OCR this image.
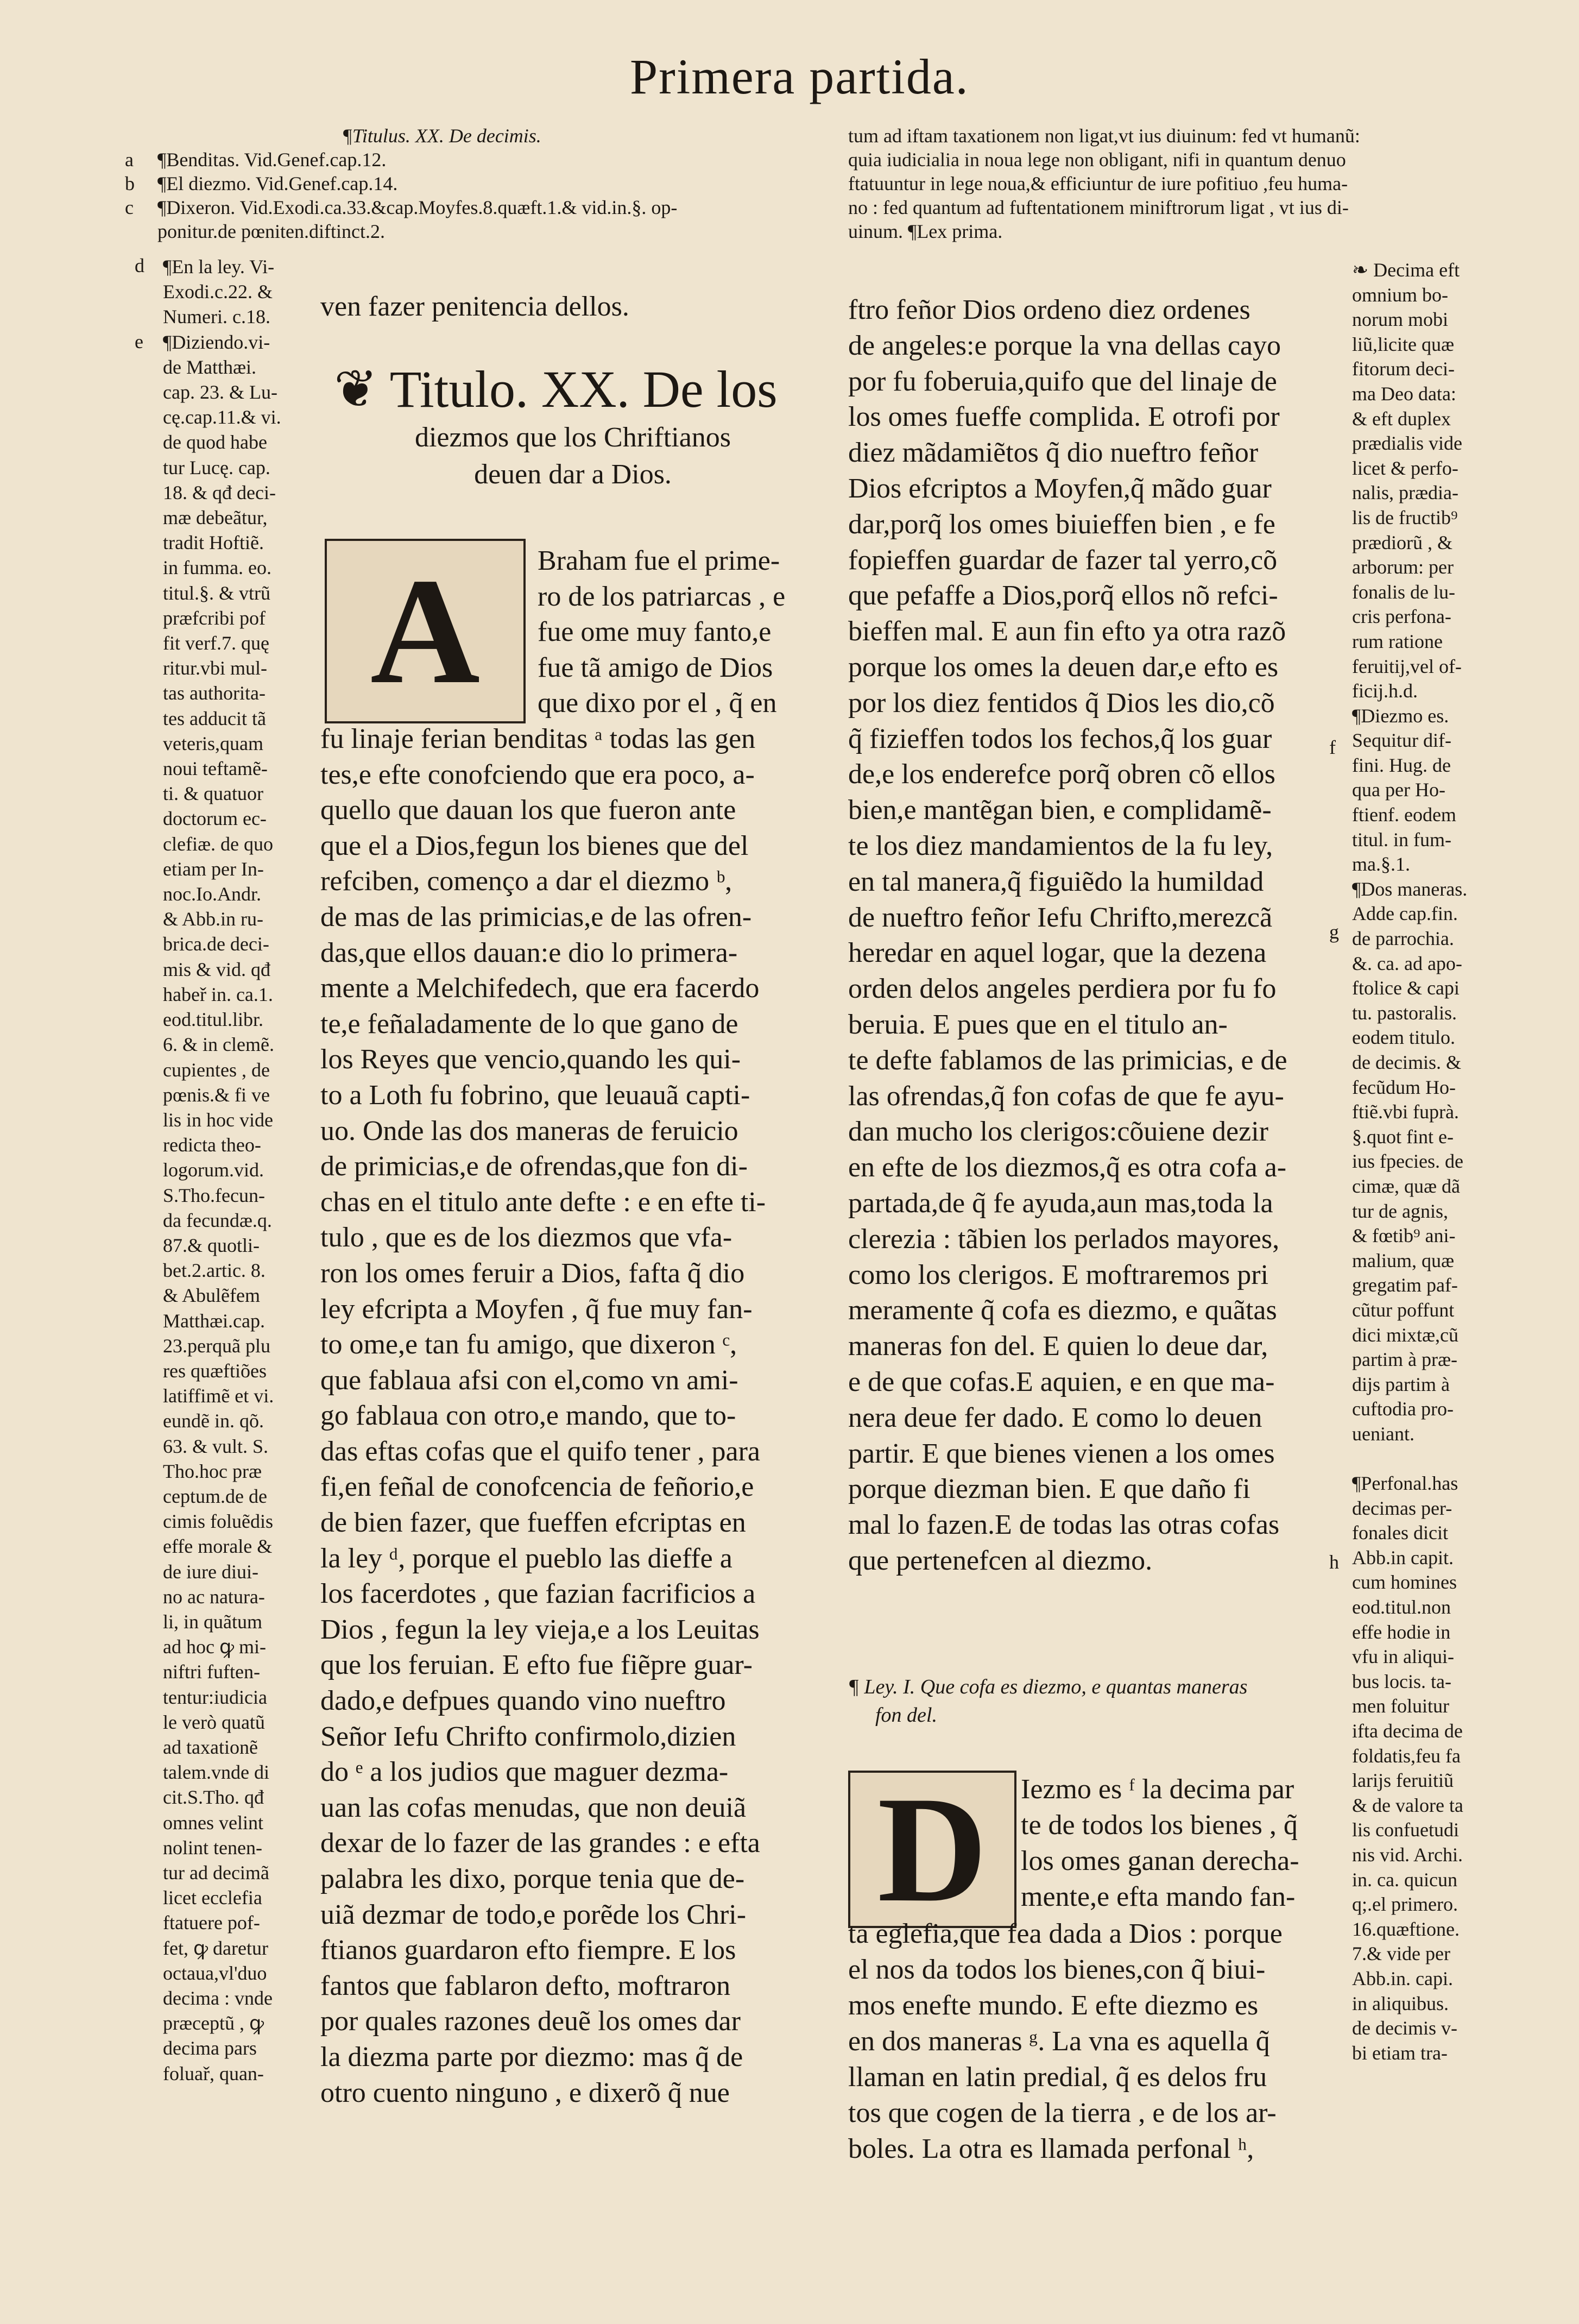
Primera partida.
¶Titulus. XX. De decimis.
a ¶Benditas. Vid.Genef.cap.12.
b ¶El diezmo. Vid.Genef.cap.14.
c ¶Dixeron. Vid.Exodi.ca.33.&cap.Moyfes.8.quæft.1.& vid.in.§. op-
ponitur.de pœniten.diftinct.2.
tum ad iftam taxationem non ligat,vt ius diuinum: fed vt humanũ:
quia iudicialia in noua lege non obligant, nifi in quantum denuo
ftatuuntur in lege noua,& efficiuntur de iure pofitiuo ,feu huma-
no : fed quantum ad fuftentationem miniftrorum ligat , vt ius di-
uinum. ¶Lex prima.
d
e
¶En la ley. Vi-
Exodi.c.22. &
Numeri. c.18.
¶Diziendo.vi-
de Matthæi.
cap. 23. & Lu-
cę.cap.11.& vi.
de quod habe
tur Lucę. cap.
18. & qđ deci-
mæ debeãtur,
tradit Hoftiẽ.
in fumma. eo.
titul.§. & vtrũ
præfcribi pof
fit verf.7. quę
ritur.vbi mul-
tas authorita-
tes adducit tã
veteris,quam
noui teftamẽ-
ti. & quatuor
doctorum ec-
clefiæ. de quo
etiam per In-
noc.Io.Andr.
& Abb.in ru-
brica.de deci-
mis & vid. qđ
habeř in. ca.1.
eod.titul.libr.
6. & in clemẽ.
cupientes , de
pœnis.& fi ve
lis in hoc vide
redicta theo-
logorum.vid.
S.Tho.fecun-
da fecundæ.q.
87.& quotli-
bet.2.artic. 8.
& Abulẽfem
Matthæi.cap.
23.perquã plu
res quæftiões
latiffimẽ et vi.
eundẽ in. qõ.
63. & vult. S.
Tho.hoc præ
ceptum.de de
cimis foluẽdis
effe morale &
de iure diui-
no ac natura-
li, in quãtum
ad hoc ꝙ mi-
niftri fuften-
tentur:iudicia
le verò quatũ
ad taxationẽ
talem.vnde di
cit.S.Tho. qđ
omnes velint
nolint tenen-
tur ad decimã
licet ecclefia
ftatuere pof-
fet, ꝙ daretur
octaua,vl'duo
decima : vnde
præceptũ , ꝙ
decima pars
foluař, quan-
ven fazer penitencia dellos.
❦ Titulo. XX. De los
diezmos que los Chriftianos
deuen dar a Dios.
A Braham fue el prime-
ro de los patriarcas , e
fue ome muy fanto,e
fue tã amigo de Dios
que dixo por el , q̃ en
fu linaje ferian benditas ᵃ todas las gen
tes,e efte conofciendo que era poco, a-
quello que dauan los que fueron ante
que el a Dios,fegun los bienes que del
refciben, començo a dar el diezmo ᵇ,
de mas de las primicias,e de las ofren-
das,que ellos dauan:e dio lo primera-
mente a Melchifedech, que era facerdo
te,e feñaladamente de lo que gano de
los Reyes que vencio,quando les qui-
to a Loth fu fobrino, que leuauã capti-
uo. Onde las dos maneras de feruicio
de primicias,e de ofrendas,que fon di-
chas en el titulo ante defte : e en efte ti-
tulo , que es de los diezmos que vfa-
ron los omes feruir a Dios, fafta q̃ dio
ley efcripta a Moyfen , q̃ fue muy fan-
to ome,e tan fu amigo, que dixeron ᶜ,
que fablaua afsi con el,como vn ami-
go fablaua con otro,e mando, que to-
das eftas cofas que el quifo tener , para
fi,en feñal de conofcencia de feñorio,e
de bien fazer, que fueffen efcriptas en
la ley ᵈ, porque el pueblo las dieffe a
los facerdotes , que fazian facrificios a
Dios , fegun la ley vieja,e a los Leuitas
que los feruian. E efto fue fiẽpre guar-
dado,e defpues quando vino nueftro
Señor Iefu Chrifto confirmolo,dizien
do ᵉ a los judios que maguer dezma-
uan las cofas menudas, que non deuiã
dexar de lo fazer de las grandes : e efta
palabra les dixo, porque tenia que de-
uiã dezmar de todo,e porẽde los Chri-
ftianos guardaron efto fiempre. E los
fantos que fablaron defto, moftraron
por quales razones deuẽ los omes dar
la diezma parte por diezmo: mas q̃ de
otro cuento ninguno , e dixerõ q̃ nue
ftro feñor Dios ordeno diez ordenes
de angeles:e porque la vna dellas cayo
por fu foberuia,quifo que del linaje de
los omes fueffe complida. E otrofi por
diez mãdamiẽtos q̃ dio nueftro feñor
Dios efcriptos a Moyfen,q̃ mãdo guar
dar,porq̃ los omes biuieffen bien , e fe
fopieffen guardar de fazer tal yerro,cõ
que pefaffe a Dios,porq̃ ellos nõ refci-
bieffen mal. E aun fin efto ya otra razõ
porque los omes la deuen dar,e efto es
por los diez fentidos q̃ Dios les dio,cõ
q̃ fizieffen todos los fechos,q̃ los guar
de,e los enderefce porq̃ obren cõ ellos
bien,e mantẽgan bien, e complidamẽ-
te los diez mandamientos de la fu ley,
en tal manera,q̃ figuiẽdo la humildad
de nueftro feñor Iefu Chrifto,merezcã
heredar en aquel logar, que la dezena
orden delos angeles perdiera por fu fo
beruia. E pues que en el titulo an-
te defte fablamos de las primicias, e de
las ofrendas,q̃ fon cofas de que fe ayu-
dan mucho los clerigos:cõuiene dezir
en efte de los diezmos,q̃ es otra cofa a-
partada,de q̃ fe ayuda,aun mas,toda la
clerezia : tãbien los perlados mayores,
como los clerigos. E moftraremos pri
meramente q̃ cofa es diezmo, e quãtas
maneras fon del. E quien lo deue dar,
e de que cofas.E aquien, e en que ma-
nera deue fer dado. E como lo deuen
partir. E que bienes vienen a los omes
porque diezman bien. E que daño fi
mal lo fazen.E de todas las otras cofas
que pertenefcen al diezmo.
¶ Ley. I. Que cofa es diezmo, e quantas maneras
fon del.
D Iezmo es ᶠ la decima par
te de todos los bienes , q̃
los omes ganan derecha-
mente,e efta mando fan-
ta eglefia,que fea dada a Dios : porque
el nos da todos los bienes,con q̃ biui-
mos enefte mundo. E efte diezmo es
en dos maneras ᵍ. La vna es aquella q̃
llaman en latin predial, q̃ es delos fru
tos que cogen de la tierra , e de los ar-
boles. La otra es llamada perfonal ʰ,
f
g
h
❧ Decima eft
omnium bo-
norum mobi
liũ,licite quæ
fitorum deci-
ma Deo data:
& eft duplex
prædialis vide
licet & perfo-
nalis, prædia-
lis de fructib⁹
prædiorũ , &
arborum: per
fonalis de lu-
cris perfona-
rum ratione
feruitij,vel of-
ficij.h.d.
¶Diezmo es.
Sequitur dif-
fini. Hug. de
qua per Ho-
ftienf. eodem
titul. in fum-
ma.§.1.
¶Dos maneras.
Adde cap.fin.
de parrochia.
&. ca. ad apo-
ftolice & capi
tu. pastoralis.
eodem titulo.
de decimis. &
fecũdum Ho-
ftiẽ.vbi fuprà.
§.quot fint e-
ius fpecies. de
cimæ, quæ dã
tur de agnis,
& fœtib⁹ ani-
malium, quæ
gregatim paf-
cũtur poffunt
dici mixtæ,cũ
partim à præ-
dijs partim à
cuftodia pro-
uenіant.

¶Perfonal.has
decimas per-
fonales dicit
Abb.in capit.
cum homines
eod.titul.non
effe hodie in
vfu in aliqui-
bus locis. ta-
men foluitur
ifta decima de
foldatis,feu fa
larijs feruitiũ
& de valore ta
lis confuetudi
nis vid. Archi.
in. ca. quicun
q;.el primero.
16.quæftione.
7.& vide per
Abb.in. capi.
in aliquibus.
de decimis v-
bi etiam tra-
